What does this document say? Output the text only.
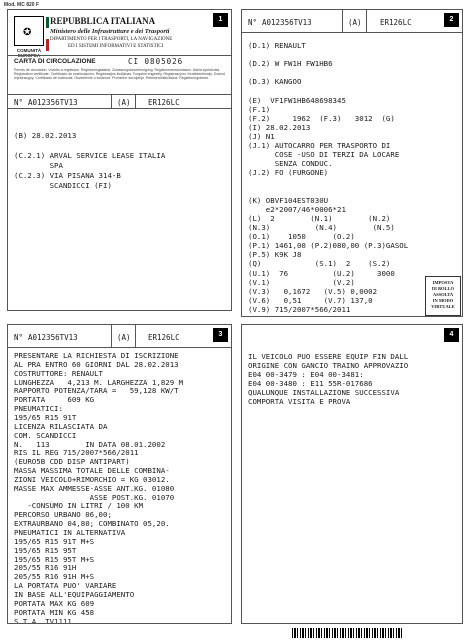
Mod. MC 820 F
✪
COMUNITÀ EUROPEA
REPUBBLICA ITALIANA
Ministero delle Infrastrutture e dei Trasporti
DIPARTIMENTO PER I TRASPORTI, LA NAVIGAZIONE
ED I SISTEMI INFORMATIVI E STATISTICI
1
CARTA DI CIRCOLAZIONE	CI 0805026
Permis de circulation. Vozidlo a registrace. Registreringsattest. Zulassungsbescheinigung. Registreerimistunnistus. Ädeia kykloforias. Registration certificate. Certificado de matriculación. Registracijos liudijimas. Forgalmi engedély. Registrazzjoni. Kentekenbewijs. Dowód rejestracyjny. Certificado de matrícula. Osvedčenie o evidencii. Prometno dovoljenje. Rekisteröintitodistus. Registreringsbevis.
N° A012356TV13	(A) ER126LC
(B) 28.02.2013
(C.2.1) ARVAL SERVICE LEASE ITALIA
SPA
(C.2.3) VIA PISANA 314-B
SCANDICCI (FI)
N° A012356TV13	(A) ER126LC	2
(D.1) RENAULT
(D.2) W FW1H FW1HB6
(D.3) KANGOO
(E)  VF1FW1HB648698345
(F.1)
(F.2)     1962  (F.3)   3012  (G)
(I) 28.02.2013
(J) N1
(J.1) AUTOCARRO PER TRASPORTO DI
COSE -USO DI TERZI DA LOCARE
SENZA CONDUC.
(J.2) FO (FURGONE)
(K) OBVF104EST030U
e2*2007/46*0006*21
(L)  2        (N.1)        (N.2)
(N.3)          (N.4)        (N.5)
(O.1)    1050      (O.2)
(P.1) 1461,00 (P.2)080,00 (P.3)GASOL
(P.5) K9K J8
(Q)            (S.1)  2    (S.2)
(U.1)  76          (U.2)     3000
(V.1)              (V.2)
(V.3)   0,1672   (V.5) 0,0002
(V.6)   0,51     (V.7) 137,0
(V.9) 715/2007*566/2011
IMPOSTA
DI BOLLO
ASSOLTA
IN MODO
VIRTUALE
N° A012356TV13	(A) ER126LC	3
PRESENTARE LA RICHIESTA DI ISCRIZIONE
AL PRA ENTRO 60 GIORNI DAL 28.02.2013
COSTRUTTORE: RENAULT
LUNGHEZZA   4,213 M. LARGHEZZA 1,829 M
RAPPORTO POTENZA/TARA =   59,128 KW/T
PORTATA     609 KG
PNEUMATICI:
195/65 R15 91T
LICENZA RILASCIATA DA
COM. SCANDICCI
N.   113        IN DATA 08.01.2002
RIS IL REG 715/2007*566/2011
(EURO5B CDD DISP ANTIPART)
MASSA MASSIMA TOTALE DELLE COMBINA-
ZIONI VEICOLO+RIMORCHIO = KG 03012.
MASSE MAX AMMESSE-ASSE ANT.KG. 01080
ASSE POST.KG. 01070
-CONSUMO IN LITRI / 100 KM
PERCORSO URBANO 06,00;
EXTRAURBANO 04,80; COMBINATO 05,20.
PNEUMATICI IN ALTERNATIVA
195/65 R15 91T M+S
195/65 R15 95T
195/65 R15 95T M+S
205/55 R16 91H
205/55 R16 91H M+S
LA PORTATA PUO' VARIARE
IN BASE ALL'EQUIPAGGIAMENTO
PORTATA MAX KG 609
PORTATA MIN KG 458
S.T.A. TV1111
4
IL VEICOLO PUO ESSERE EQUIP FIN DALL
ORIGINE CON GANCIO TRAINO APPROVAZIO
E04 00-3479 : E04 00-3481:
E04 00-3480 : E11 55R-017686
QUALUNQUE INSTALLAZIONE SUCCESSIVA
COMPORTA VISITA E PROVA
